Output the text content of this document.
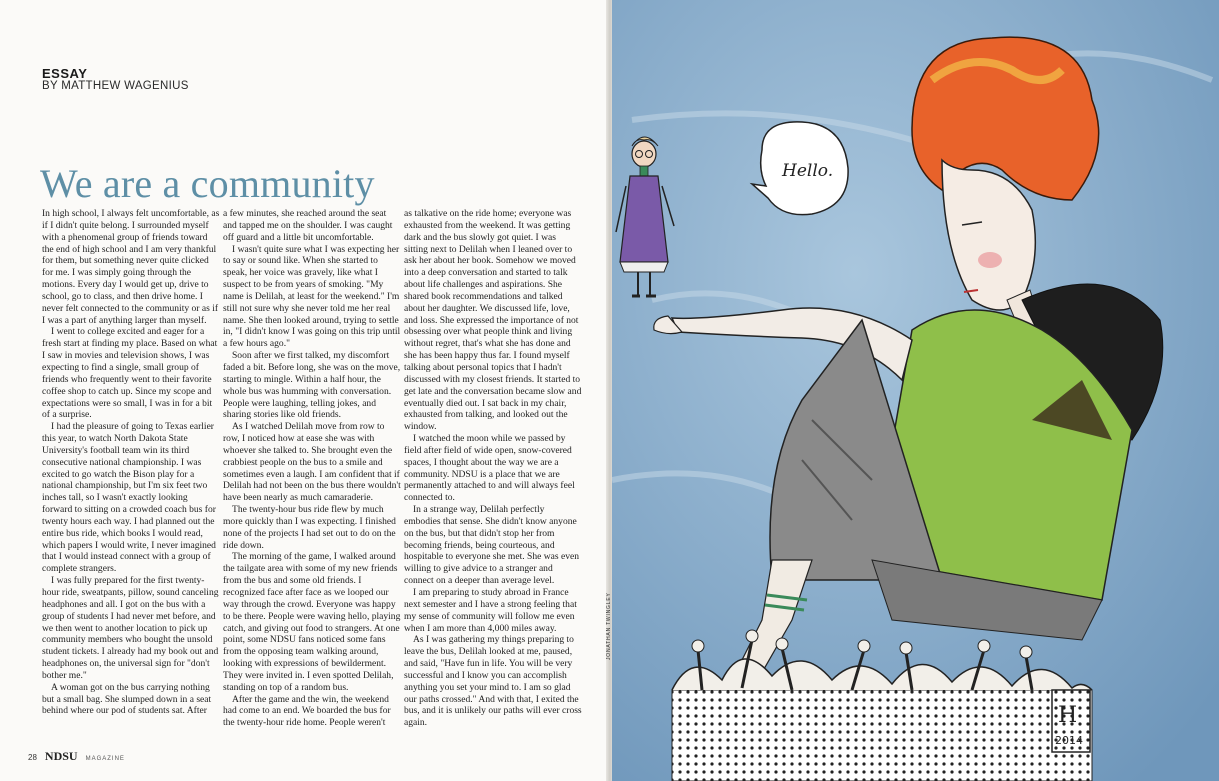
ESSAY
BY MATTHEW WAGENIUS
We are a community

In high school, I always felt uncomfortable, as if I didn't quite belong. I surrounded myself with a phenomenal group of friends toward the end of high school and I am very thankful for them, but something never quite clicked for me. I was simply going through the motions. Every day I would get up, drive to school, go to class, and then drive home. I never felt connected to the community or as if I was a part of anything larger than myself.

I went to college excited and eager for a fresh start at finding my place. Based on what I saw in movies and television shows, I was expecting to find a single, small group of friends who frequently went to their favorite coffee shop to catch up. Since my scope and expectations were so small, I was in for a bit of a surprise.

I had the pleasure of going to Texas earlier this year, to watch North Dakota State University's football team win its third consecutive national championship. I was excited to go watch the Bison play for a national championship, but I'm six feet two inches tall, so I wasn't exactly looking forward to sitting on a crowded coach bus for twenty hours each way. I had planned out the entire bus ride, which books I would read, which papers I would write, I never imagined that I would instead connect with a group of complete strangers.

I was fully prepared for the first twenty-hour ride, sweatpants, pillow, sound canceling headphones and all. I got on the bus with a group of students I had never met before, and we then went to another location to pick up community members who bought the unsold student tickets. I already had my book out and headphones on, the universal sign for "don't bother me."

A woman got on the bus carrying nothing but a small bag. She slumped down in a seat behind where our pod of students sat. After

a few minutes, she reached around the seat and tapped me on the shoulder. I was caught off guard and a little bit uncomfortable.

I wasn't quite sure what I was expecting her to say or sound like. When she started to speak, her voice was gravely, like what I suspect to be from years of smoking. "My name is Delilah, at least for the weekend." I'm still not sure why she never told me her real name. She then looked around, trying to settle in, "I didn't know I was going on this trip until a few hours ago."

Soon after we first talked, my discomfort faded a bit. Before long, she was on the move, starting to mingle. Within a half hour, the whole bus was humming with conversation. People were laughing, telling jokes, and sharing stories like old friends.

As I watched Delilah move from row to row, I noticed how at ease she was with whoever she talked to. She brought even the crabbiest people on the bus to a smile and sometimes even a laugh. I am confident that if Delilah had not been on the bus there wouldn't have been nearly as much camaraderie.

The twenty-hour bus ride flew by much more quickly than I was expecting. I finished none of the projects I had set out to do on the ride down.

The morning of the game, I walked around the tailgate area with some of my new friends from the bus and some old friends. I recognized face after face as we looped our way through the crowd. Everyone was happy to be there. People were waving hello, playing catch, and giving out food to strangers. At one point, some NDSU fans noticed some fans from the opposing team walking around, looking with expressions of bewilderment. They were invited in. I even spotted Delilah, standing on top of a random bus.

After the game and the win, the weekend had come to an end. We boarded the bus for the twenty-hour ride home. People weren't

as talkative on the ride home; everyone was exhausted from the weekend. It was getting dark and the bus slowly got quiet. I was sitting next to Delilah when I leaned over to ask her about her book. Somehow we moved into a deep conversation and started to talk about life challenges and aspirations. She shared book recommendations and talked about her daughter. We discussed life, love, and loss. She expressed the importance of not obsessing over what people think and living without regret, that's what she has done and she has been happy thus far. I found myself talking about personal topics that I hadn't discussed with my closest friends. It started to get late and the conversation became slow and eventually died out. I sat back in my chair, exhausted from talking, and looked out the window.

I watched the moon while we passed by field after field of wide open, snow-covered spaces, I thought about the way we are a community. NDSU is a place that we are permanently attached to and will always feel connected to.

In a strange way, Delilah perfectly embodies that sense. She didn't know anyone on the bus, but that didn't stop her from becoming friends, being courteous, and hospitable to everyone she met. She was even willing to give advice to a stranger and connect on a deeper than average level.

I am preparing to study abroad in France next semester and I have a strong feeling that my sense of community will follow me even when I am more than 4,000 miles away.

As I was gathering my things preparing to leave the bus, Delilah looked at me, paused, and said, "Have fun in life. You will be very successful and I know you can accomplish anything you set your mind to. I am so glad our paths crossed." And with that, I exited the bus, and it is unlikely our paths will ever cross again.

28 NDSU MAGAZINE
JONATHAN TWINGLEY
Hello.
H
2014
